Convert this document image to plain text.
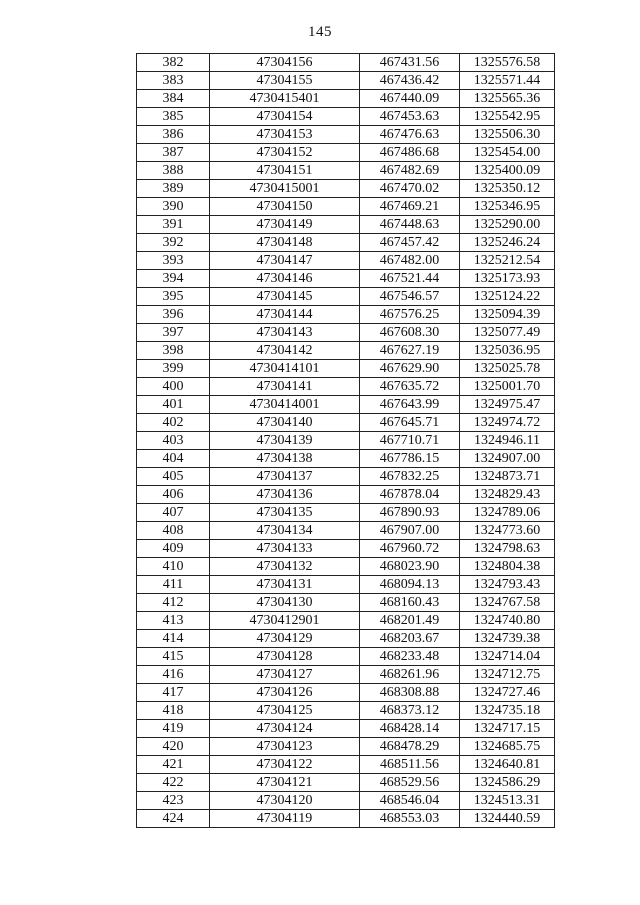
145
382	47304156	467431.56	1325576.58
383	47304155	467436.42	1325571.44
384	4730415401	467440.09	1325565.36
385	47304154	467453.63	1325542.95
386	47304153	467476.63	1325506.30
387	47304152	467486.68	1325454.00
388	47304151	467482.69	1325400.09
389	4730415001	467470.02	1325350.12
390	47304150	467469.21	1325346.95
391	47304149	467448.63	1325290.00
392	47304148	467457.42	1325246.24
393	47304147	467482.00	1325212.54
394	47304146	467521.44	1325173.93
395	47304145	467546.57	1325124.22
396	47304144	467576.25	1325094.39
397	47304143	467608.30	1325077.49
398	47304142	467627.19	1325036.95
399	4730414101	467629.90	1325025.78
400	47304141	467635.72	1325001.70
401	4730414001	467643.99	1324975.47
402	47304140	467645.71	1324974.72
403	47304139	467710.71	1324946.11
404	47304138	467786.15	1324907.00
405	47304137	467832.25	1324873.71
406	47304136	467878.04	1324829.43
407	47304135	467890.93	1324789.06
408	47304134	467907.00	1324773.60
409	47304133	467960.72	1324798.63
410	47304132	468023.90	1324804.38
411	47304131	468094.13	1324793.43
412	47304130	468160.43	1324767.58
413	4730412901	468201.49	1324740.80
414	47304129	468203.67	1324739.38
415	47304128	468233.48	1324714.04
416	47304127	468261.96	1324712.75
417	47304126	468308.88	1324727.46
418	47304125	468373.12	1324735.18
419	47304124	468428.14	1324717.15
420	47304123	468478.29	1324685.75
421	47304122	468511.56	1324640.81
422	47304121	468529.56	1324586.29
423	47304120	468546.04	1324513.31
424	47304119	468553.03	1324440.59
